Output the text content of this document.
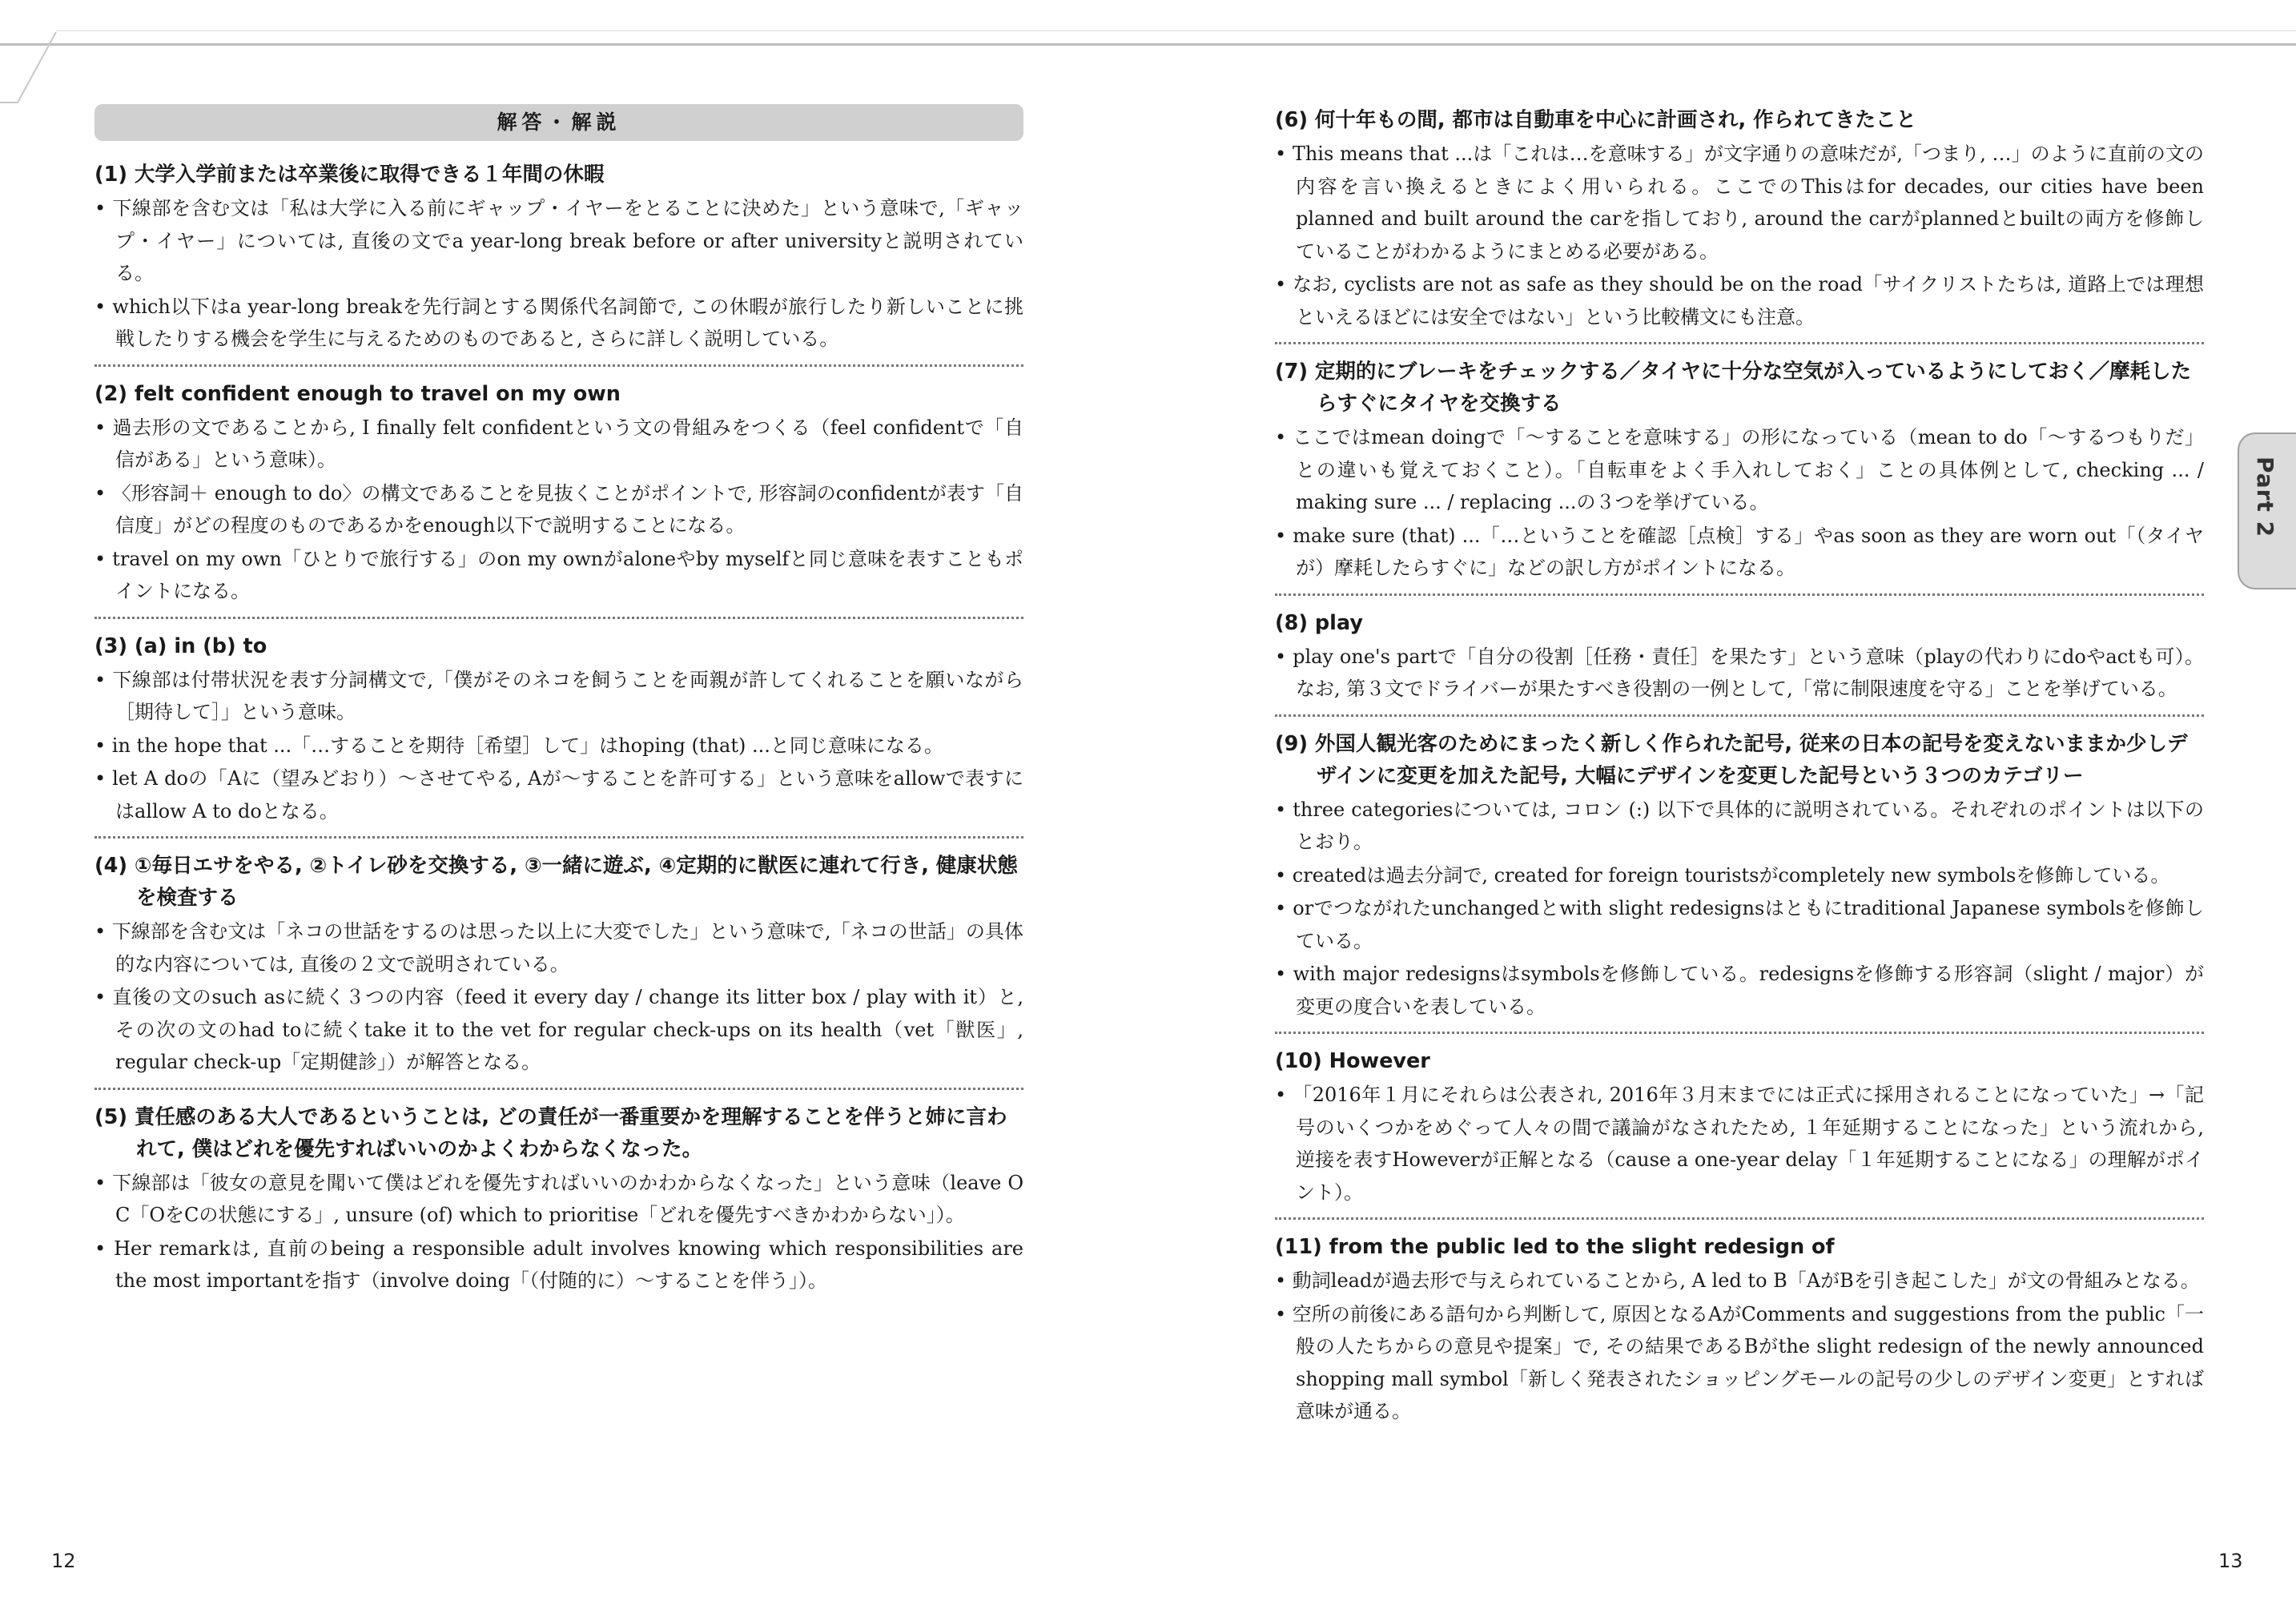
解答・解説
(1) 大学入学前または卒業後に取得できる１年間の休暇
• 下線部を含む文は「私は大学に入る前にギャップ・イヤーをとることに決めた」という意味で,「ギャップ・イヤー」については, 直後の文でa year-long break before or after universityと説明されている。
• which以下はa year-long breakを先行詞とする関係代名詞節で, この休暇が旅行したり新しいことに挑戦したりする機会を学生に与えるためのものであると, さらに詳しく説明している。
(2) felt confident enough to travel on my own
• 過去形の文であることから, I finally felt confidentという文の骨組みをつくる（feel confidentで「自信がある」という意味）。
• 〈形容詞＋ enough to do〉の構文であることを見抜くことがポイントで, 形容詞のconfidentが表す「自信度」がどの程度のものであるかをenough以下で説明することになる。
• travel on my own「ひとりで旅行する」のon my ownがaloneやby myselfと同じ意味を表すこともポイントになる。
(3) (a) in (b) to
• 下線部は付帯状況を表す分詞構文で,「僕がそのネコを飼うことを両親が許してくれることを願いながら［期待して］」という意味。
• in the hope that ...「…することを期待［希望］して」はhoping (that) ...と同じ意味になる。
• let A doの「Aに（望みどおり）～させてやる, Aが～することを許可する」という意味をallowで表すにはallow A to doとなる。
(4) ①毎日エサをやる, ②トイレ砂を交換する, ③一緒に遊ぶ, ④定期的に獣医に連れて行き, 健康状態を検査する
• 下線部を含む文は「ネコの世話をするのは思った以上に大変でした」という意味で,「ネコの世話」の具体的な内容については, 直後の２文で説明されている。
• 直後の文のsuch asに続く３つの内容（feed it every day / change its litter box / play with it）と, その次の文のhad toに続くtake it to the vet for regular check-ups on its health（vet「獣医」, regular check-up「定期健診」）が解答となる。
(5) 責任感のある大人であるということは, どの責任が一番重要かを理解することを伴うと姉に言われて, 僕はどれを優先すればいいのかよくわからなくなった。
• 下線部は「彼女の意見を聞いて僕はどれを優先すればいいのかわからなくなった」という意味（leave O C「OをCの状態にする」, unsure (of) which to prioritise「どれを優先すべきかわからない」）。
• Her remarkは, 直前のbeing a responsible adult involves knowing which responsibilities are the most importantを指す（involve doing「（付随的に）～することを伴う」）。
(6) 何十年もの間, 都市は自動車を中心に計画され, 作られてきたこと
• This means that ...は「これは…を意味する」が文字通りの意味だが,「つまり, …」のように直前の文の内容を言い換えるときによく用いられる。ここでのThisはfor decades, our cities have been planned and built around the carを指しており, around the carがplannedとbuiltの両方を修飾していることがわかるようにまとめる必要がある。
• なお, cyclists are not as safe as they should be on the road「サイクリストたちは, 道路上では理想といえるほどには安全ではない」という比較構文にも注意。
(7) 定期的にブレーキをチェックする／タイヤに十分な空気が入っているようにしておく／摩耗したらすぐにタイヤを交換する
• ここではmean doingで「～することを意味する」の形になっている（mean to do「～するつもりだ」との違いも覚えておくこと）。「自転車をよく手入れしておく」ことの具体例として, checking ... / making sure ... / replacing ...の３つを挙げている。
• make sure (that) ...「…ということを確認［点検］する」やas soon as they are worn out「（タイヤが）摩耗したらすぐに」などの訳し方がポイントになる。
(8) play
• play one's partで「自分の役割［任務・責任］を果たす」という意味（playの代わりにdoやactも可）。なお, 第３文でドライバーが果たすべき役割の一例として,「常に制限速度を守る」ことを挙げている。
(9) 外国人観光客のためにまったく新しく作られた記号, 従来の日本の記号を変えないままか少しデザインに変更を加えた記号, 大幅にデザインを変更した記号という３つのカテゴリー
• three categoriesについては, コロン (:) 以下で具体的に説明されている。それぞれのポイントは以下のとおり。
• createdは過去分詞で, created for foreign touristsがcompletely new symbolsを修飾している。
• orでつながれたunchangedとwith slight redesignsはともにtraditional Japanese symbolsを修飾している。
• with major redesignsはsymbolsを修飾している。redesignsを修飾する形容詞（slight / major）が変更の度合いを表している。
(10) However
• 「2016年１月にそれらは公表され, 2016年３月末までには正式に採用されることになっていた」→「記号のいくつかをめぐって人々の間で議論がなされたため, １年延期することになった」という流れから, 逆接を表すHoweverが正解となる（cause a one-year delay「１年延期することになる」の理解がポイント）。
(11) from the public led to the slight redesign of
• 動詞leadが過去形で与えられていることから, A led to B「AがBを引き起こした」が文の骨組みとなる。
• 空所の前後にある語句から判断して, 原因となるAがComments and suggestions from the public「一般の人たちからの意見や提案」で, その結果であるBがthe slight redesign of the newly announced shopping mall symbol「新しく発表されたショッピングモールの記号の少しのデザイン変更」とすれば意味が通る。
Part 2
12	13
